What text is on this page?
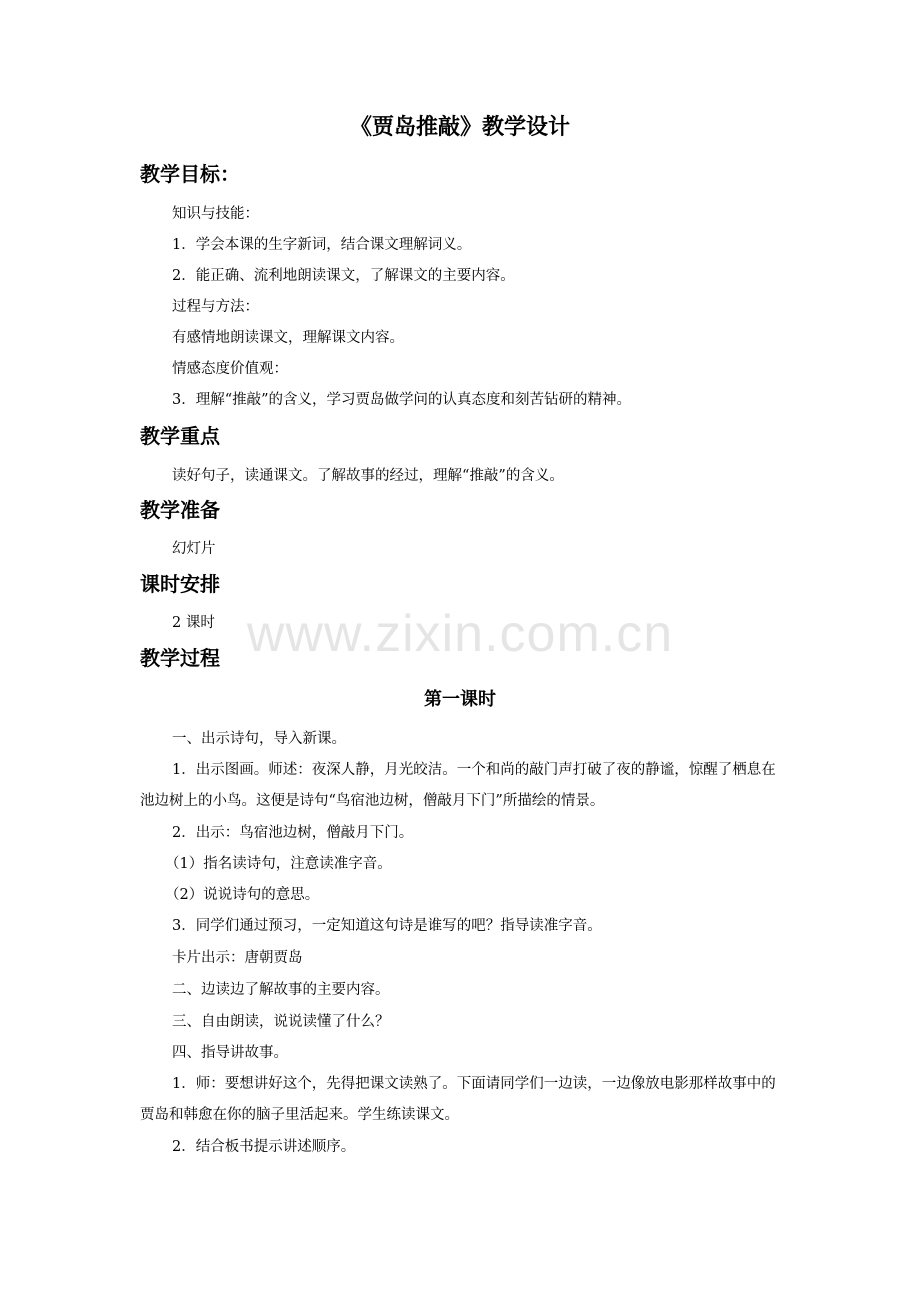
《贾岛推敲》教学设计
教学目标：
知识与技能：
1．学会本课的生字新词，结合课文理解词义。
2．能正确、流利地朗读课文，了解课文的主要内容。
过程与方法：
有感情地朗读课文，理解课文内容。
情感态度价值观：
3．理解“推敲”的含义，学习贾岛做学问的认真态度和刻苦钻研的精神。
教学重点
读好句子，读通课文。了解故事的经过，理解“推敲”的含义。
教学准备
幻灯片
课时安排
2 课时
教学过程
第一课时
一、出示诗句，导入新课。
1．出示图画。师述：夜深人静，月光皎洁。一个和尚的敲门声打破了夜的静谧，惊醒了栖息在池边树上的小鸟。这便是诗句“鸟宿池边树，僧敲月下门”所描绘的情景。
2．出示：鸟宿池边树，僧敲月下门。
（1）指名读诗句，注意读准字音。
（2）说说诗句的意思。
3．同学们通过预习，一定知道这句诗是谁写的吧？指导读准字音。
卡片出示：唐朝贾岛
二、边读边了解故事的主要内容。
三、自由朗读，说说读懂了什么？
四、指导讲故事。
1．师：要想讲好这个，先得把课文读熟了。下面请同学们一边读，一边像放电影那样故事中的贾岛和韩愈在你的脑子里活起来。学生练读课文。
2．结合板书提示讲述顺序。
www.zixin.com.cn
